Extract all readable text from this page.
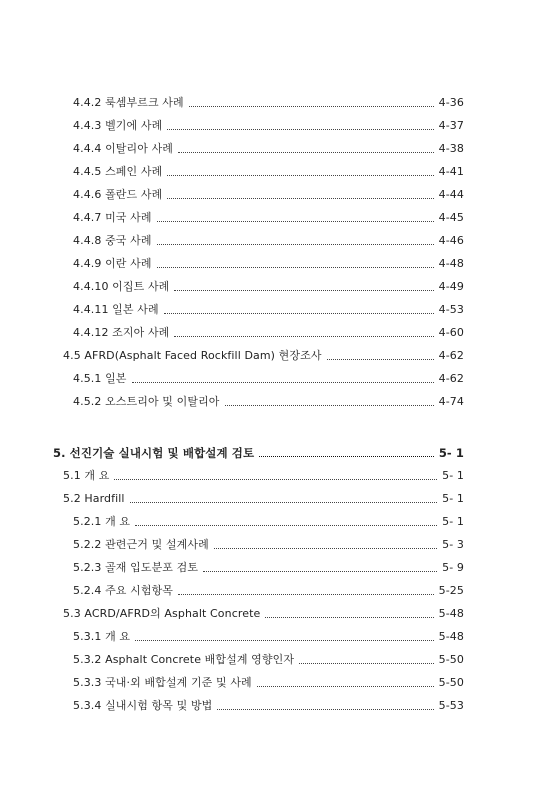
4.4.2 룩셈부르크 사례	4-36
4.4.3 벨기에 사례	4-37
4.4.4 이탈리아 사례	4-38
4.4.5 스페인 사례	4-41
4.4.6 폴란드 사례	4-44
4.4.7 미국 사례	4-45
4.4.8 중국 사례	4-46
4.4.9 이란 사례	4-48
4.4.10 이집트 사례	4-49
4.4.11 일본 사례	4-53
4.4.12 조지아 사례	4-60
4.5 AFRD(Asphalt Faced Rockfill Dam) 현장조사	4-62
4.5.1 일본	4-62
4.5.2 오스트리아 및 이탈리아	4-74
5. 선진기술 실내시험 및 배합설계 검토	5- 1
5.1 개 요	5- 1
5.2 Hardfill	5- 1
5.2.1 개 요	5- 1
5.2.2 관련근거 및 설계사례	5- 3
5.2.3 골재 입도분포 검토	5- 9
5.2.4 주요 시험항목	5-25
5.3 ACRD/AFRD의 Asphalt Concrete	5-48
5.3.1 개 요	5-48
5.3.2 Asphalt Concrete 배합설계 영향인자	5-50
5.3.3 국내·외 배합설계 기준 및 사례	5-50
5.3.4 실내시험 항목 및 방법	5-53
